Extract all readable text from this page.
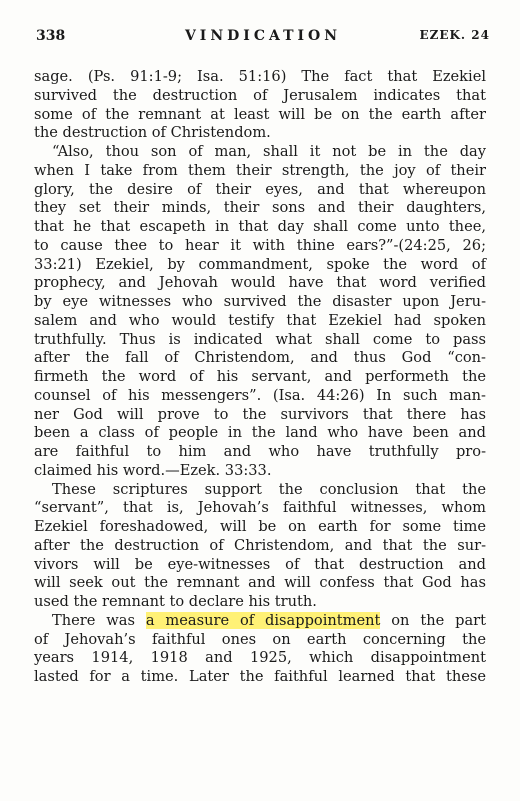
338	VINDICATION	EZEK. 24
sage. (Ps. 91:1-9; Isa. 51:16) The fact that Ezekiel
survived the destruction of Jerusalem indicates that
some of the remnant at least will be on the earth after
the destruction of Christendom.
“Also, thou son of man, shall it not be in the day
when I take from them their strength, the joy of their
glory, the desire of their eyes, and that whereupon
they set their minds, their sons and their daughters,
that he that escapeth in that day shall come unto thee,
to cause thee to hear it with thine ears?”-(24:25, 26;
33:21) Ezekiel, by commandment, spoke the word of
prophecy, and Jehovah would have that word verified
by eye witnesses who survived the disaster upon Jeru-
salem and who would testify that Ezekiel had spoken
truthfully. Thus is indicated what shall come to pass
after the fall of Christendom, and thus God “con-
firmeth the word of his servant, and performeth the
counsel of his messengers”. (Isa. 44:26) In such man-
ner God will prove to the survivors that there has
been a class of people in the land who have been and
are faithful to him and who have truthfully pro-
claimed his word.—Ezek. 33:33.
These scriptures support the conclusion that the
“servant”, that is, Jehovah’s faithful witnesses, whom
Ezekiel foreshadowed, will be on earth for some time
after the destruction of Christendom, and that the sur-
vivors will be eye-witnesses of that destruction and
will seek out the remnant and will confess that God has
used the remnant to declare his truth.
There was a measure of disappointment on the part
of Jehovah’s faithful ones on earth concerning the
years 1914, 1918 and 1925, which disappointment
lasted for a time. Later the faithful learned that these
